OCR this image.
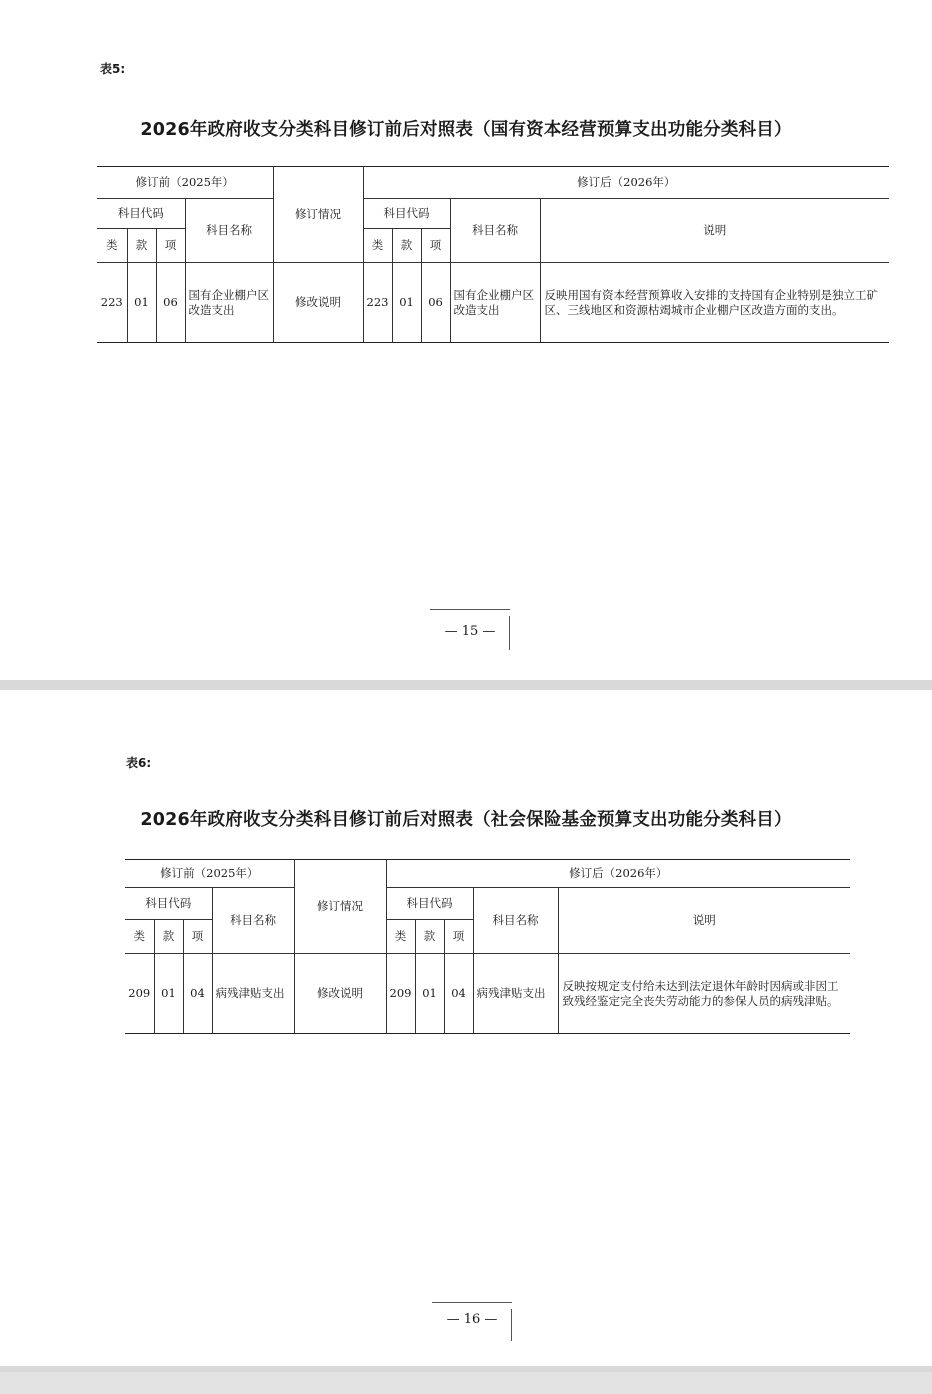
表5:
2026年政府收支分类科目修订前后对照表（国有资本经营预算支出功能分类科目）
修订前（2025年）				修订情况	修订后（2026年）				
科目代码			科目名称		科目代码			科目名称	说明
类	款	项			类	款	项		
223	01	06	国有企业棚户区改造支出	修改说明	223	01	06	国有企业棚户区改造支出	反映用国有资本经营预算收入安排的支持国有企业特别是独立工矿区、三线地区和资源枯竭城市企业棚户区改造方面的支出。
— 15 —
表6:
2026年政府收支分类科目修订前后对照表（社会保险基金预算支出功能分类科目）
修订前（2025年）				修订情况	修订后（2026年）				
科目代码			科目名称		科目代码			科目名称	说明
类	款	项			类	款	项		
209	01	04	病残津贴支出	修改说明	209	01	04	病残津贴支出	反映按规定支付给未达到法定退休年龄时因病或非因工致残经鉴定完全丧失劳动能力的参保人员的病残津贴。
— 16 —
